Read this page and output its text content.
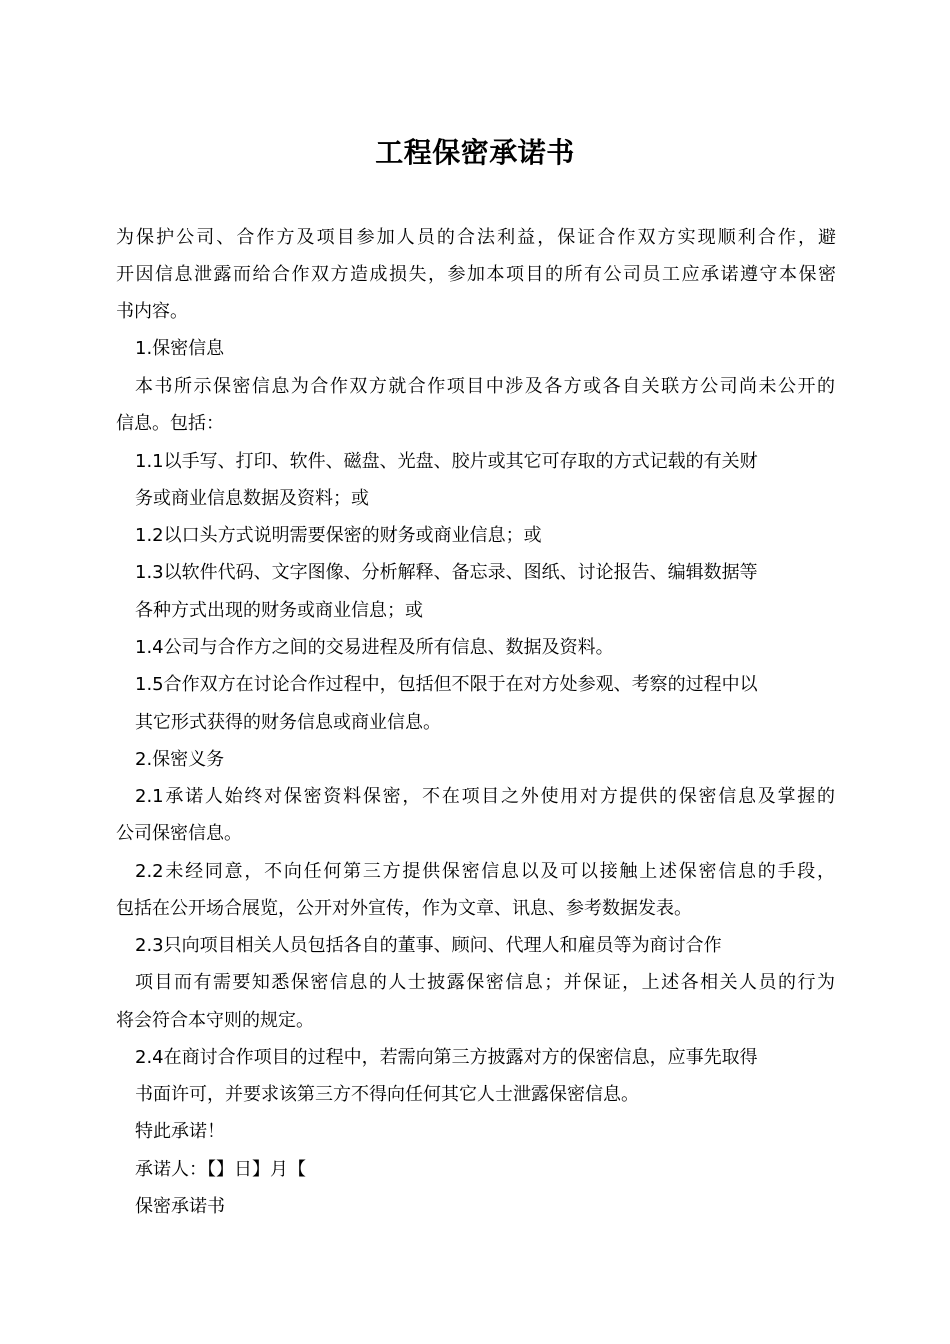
工程保密承诺书
为保护公司、合作方及项目参加人员的合法利益，保证合作双方实现顺利合作，避
开因信息泄露而给合作双方造成损失，参加本项目的所有公司员工应承诺遵守本保密
书内容。
1.保密信息
本书所示保密信息为合作双方就合作项目中涉及各方或各自关联方公司尚未公开的
信息。包括：
1.1以手写、打印、软件、磁盘、光盘、胶片或其它可存取的方式记载的有关财
务或商业信息数据及资料；或
1.2以口头方式说明需要保密的财务或商业信息；或
1.3以软件代码、文字图像、分析解释、备忘录、图纸、讨论报告、编辑数据等
各种方式出现的财务或商业信息；或
1.4公司与合作方之间的交易进程及所有信息、数据及资料。
1.5合作双方在讨论合作过程中，包括但不限于在对方处参观、考察的过程中以
其它形式获得的财务信息或商业信息。
2.保密义务
2.1承诺人始终对保密资料保密，不在项目之外使用对方提供的保密信息及掌握的
公司保密信息。
2.2未经同意，不向任何第三方提供保密信息以及可以接触上述保密信息的手段，
包括在公开场合展览，公开对外宣传，作为文章、讯息、参考数据发表。
2.3只向项目相关人员包括各自的董事、顾问、代理人和雇员等为商讨合作
项目而有需要知悉保密信息的人士披露保密信息；并保证，上述各相关人员的行为
将会符合本守则的规定。
2.4在商讨合作项目的过程中，若需向第三方披露对方的保密信息，应事先取得
书面许可，并要求该第三方不得向任何其它人士泄露保密信息。
特此承诺！
承诺人：【】日】月【
保密承诺书
